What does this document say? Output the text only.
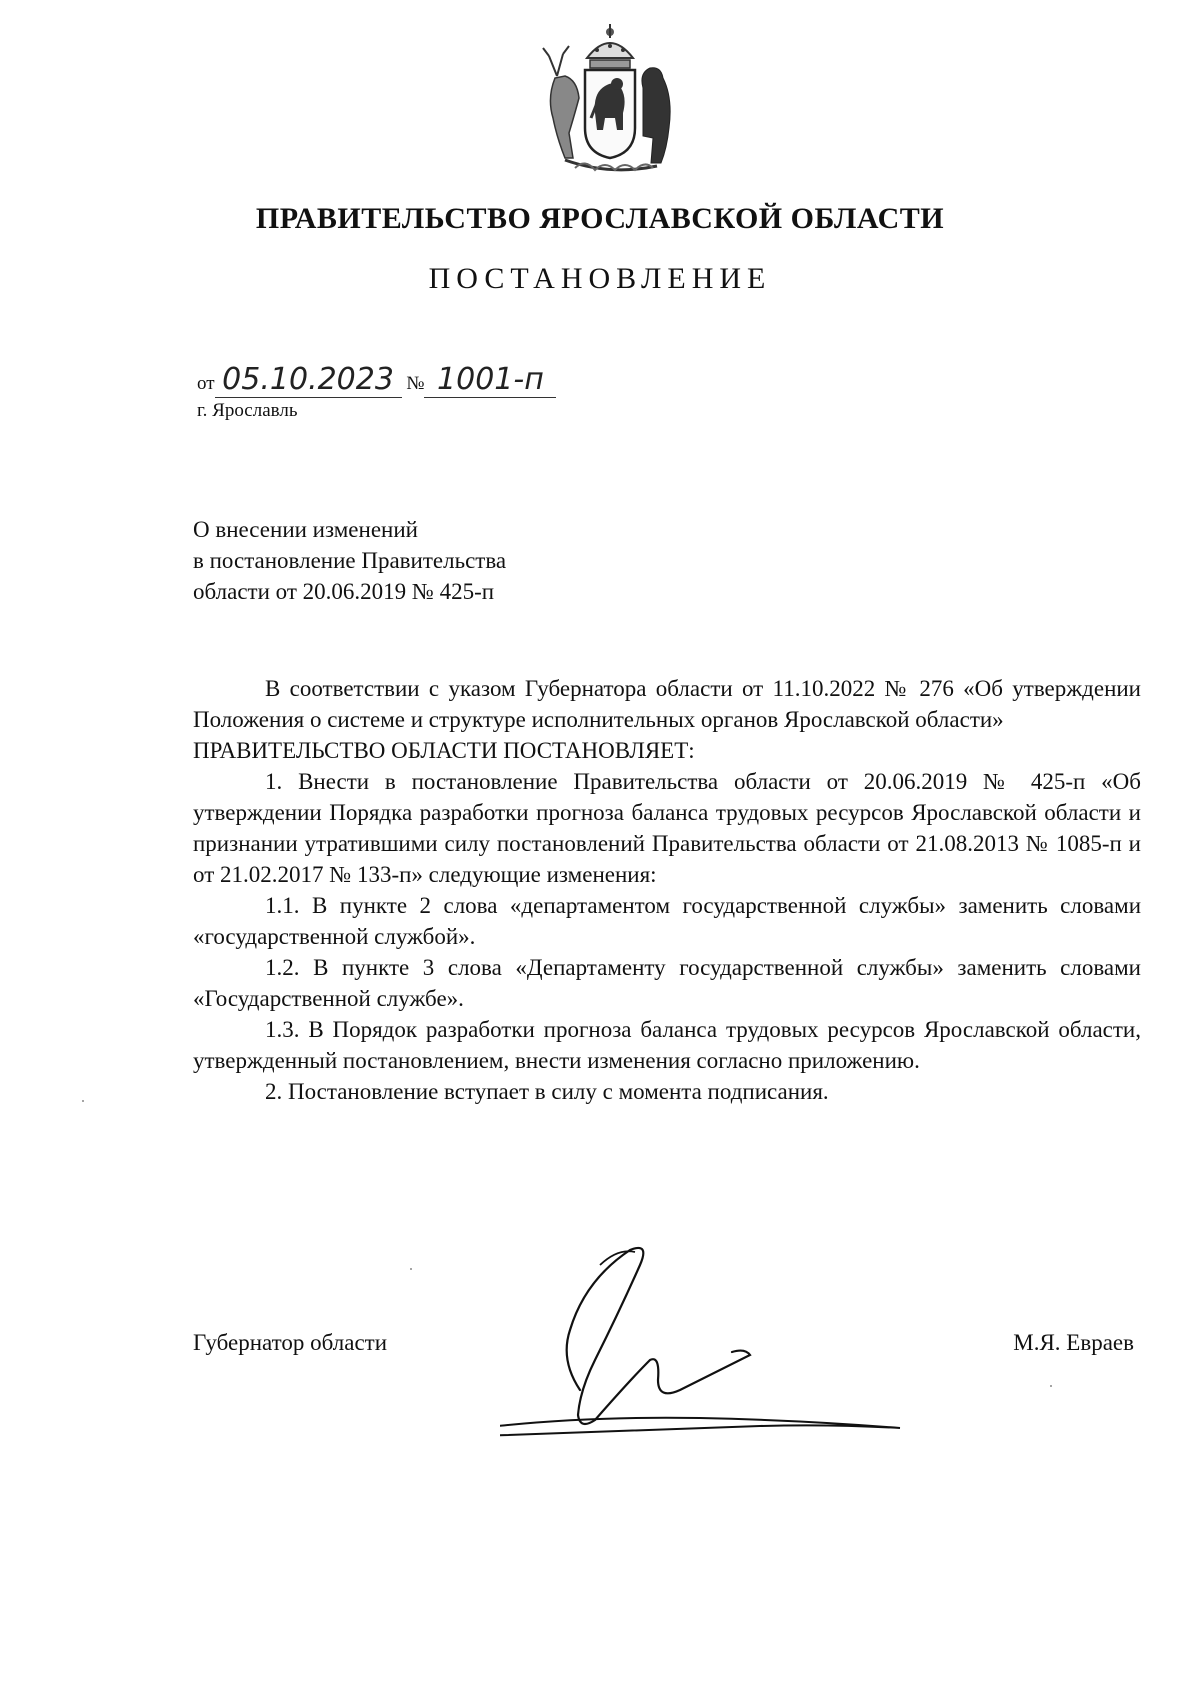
ПРАВИТЕЛЬСТВО ЯРОСЛАВСКОЙ ОБЛАСТИ
ПОСТАНОВЛЕНИЕ
от 05.10.2023 № 1001-п
г. Ярославль
О внесении изменений
в постановление Правительства
области от 20.06.2019 № 425-п

В соответствии с указом Губернатора области от 11.10.2022 № 276 «Об утверждении Положения о системе и структуре исполнительных органов Ярославской области»

ПРАВИТЕЛЬСТВО ОБЛАСТИ ПОСТАНОВЛЯЕТ:

1. Внести в постановление Правительства области от 20.06.2019 № 425-п «Об утверждении Порядка разработки прогноза баланса трудовых ресурсов Ярославской области и признании утратившими силу постановлений Правительства области от 21.08.2013 № 1085-п и от 21.02.2017 № 133-п» следующие изменения:

1.1. В пункте 2 слова «департаментом государственной службы» заменить словами «государственной службой».

1.2. В пункте 3 слова «Департаменту государственной службы» заменить словами «Государственной службе».

1.3. В Порядок разработки прогноза баланса трудовых ресурсов Ярославской области, утвержденный постановлением, внести изменения согласно приложению.

2. Постановление вступает в силу с момента подписания.

Губернатор области	М.Я. Евраев
